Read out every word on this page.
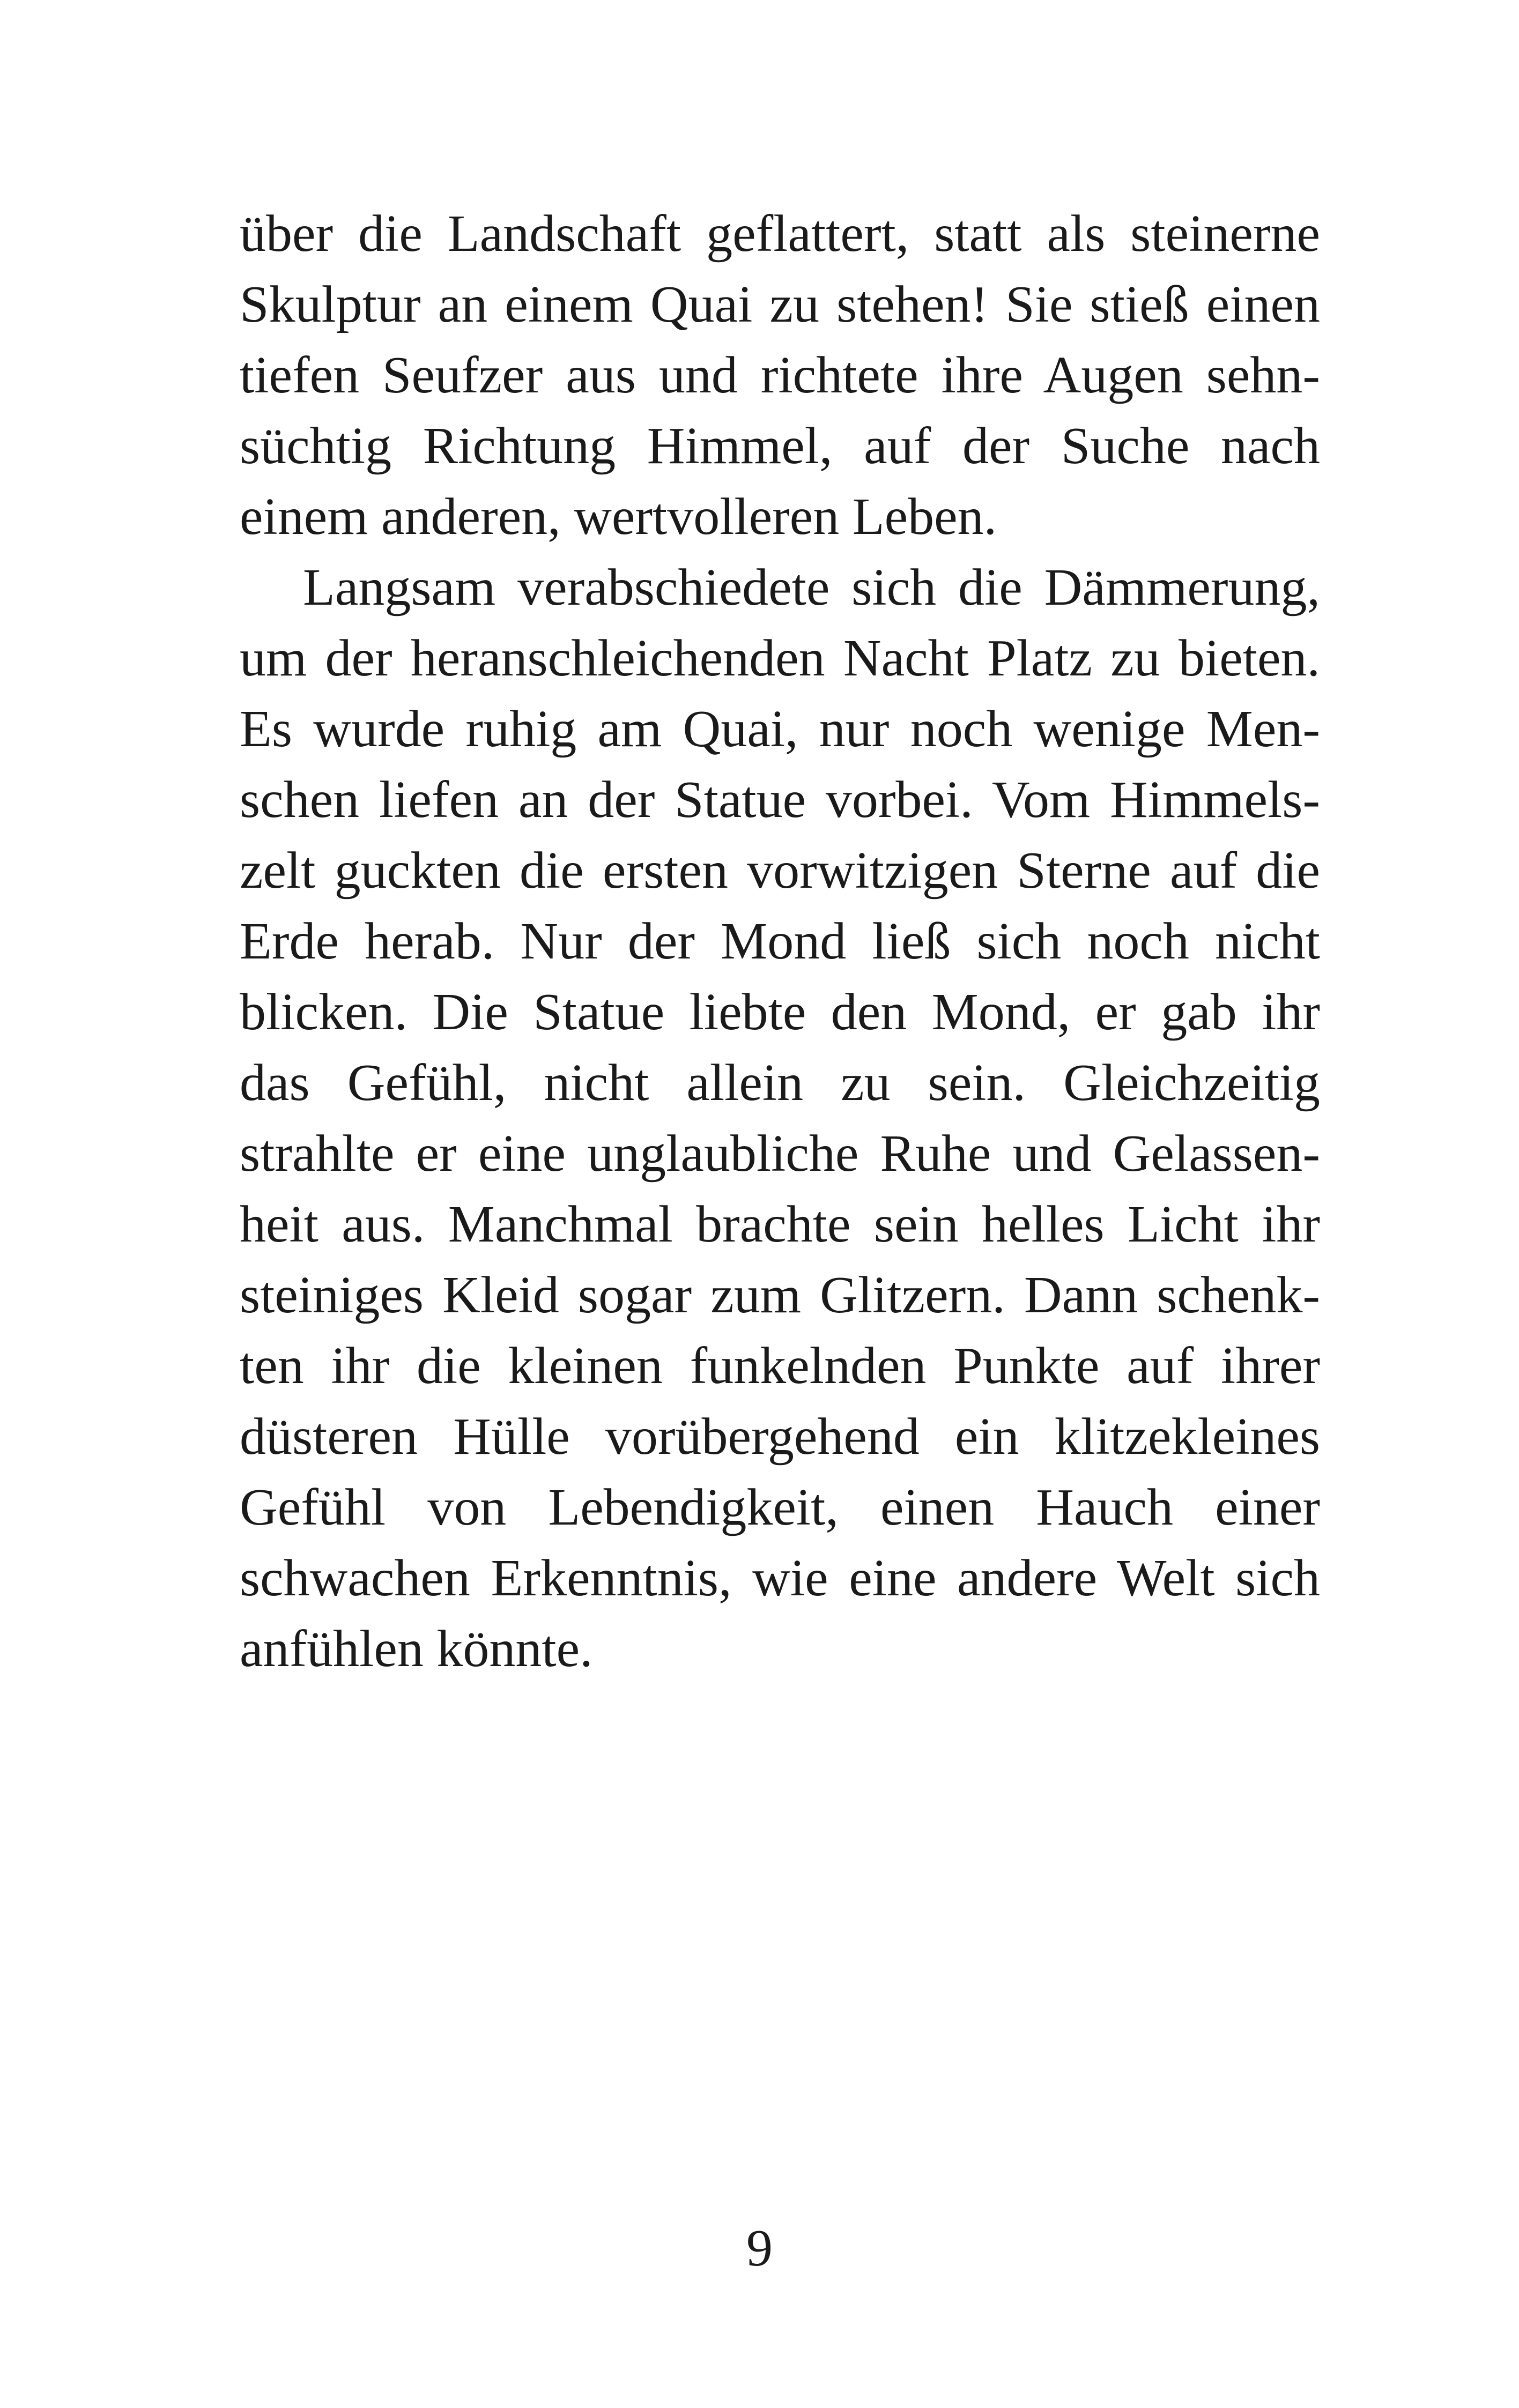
über die Landschaft geflattert, statt als steinerne
Skulptur an einem Quai zu stehen! Sie stieß einen
tiefen Seufzer aus und richtete ihre Augen sehn-
süchtig Richtung Himmel, auf der Suche nach
einem anderen, wertvolleren Leben.
Langsam verabschiedete sich die Dämmerung,
um der heranschleichenden Nacht Platz zu bieten.
Es wurde ruhig am Quai, nur noch wenige Men-
schen liefen an der Statue vorbei. Vom Himmels-
zelt guckten die ersten vorwitzigen Sterne auf die
Erde herab. Nur der Mond ließ sich noch nicht
blicken. Die Statue liebte den Mond, er gab ihr
das Gefühl, nicht allein zu sein. Gleichzeitig
strahlte er eine unglaubliche Ruhe und Gelassen-
heit aus. Manchmal brachte sein helles Licht ihr
steiniges Kleid sogar zum Glitzern. Dann schenk-
ten ihr die kleinen funkelnden Punkte auf ihrer
düsteren Hülle vorübergehend ein klitzekleines
Gefühl von Lebendigkeit, einen Hauch einer
schwachen Erkenntnis, wie eine andere Welt sich
anfühlen könnte.
9
